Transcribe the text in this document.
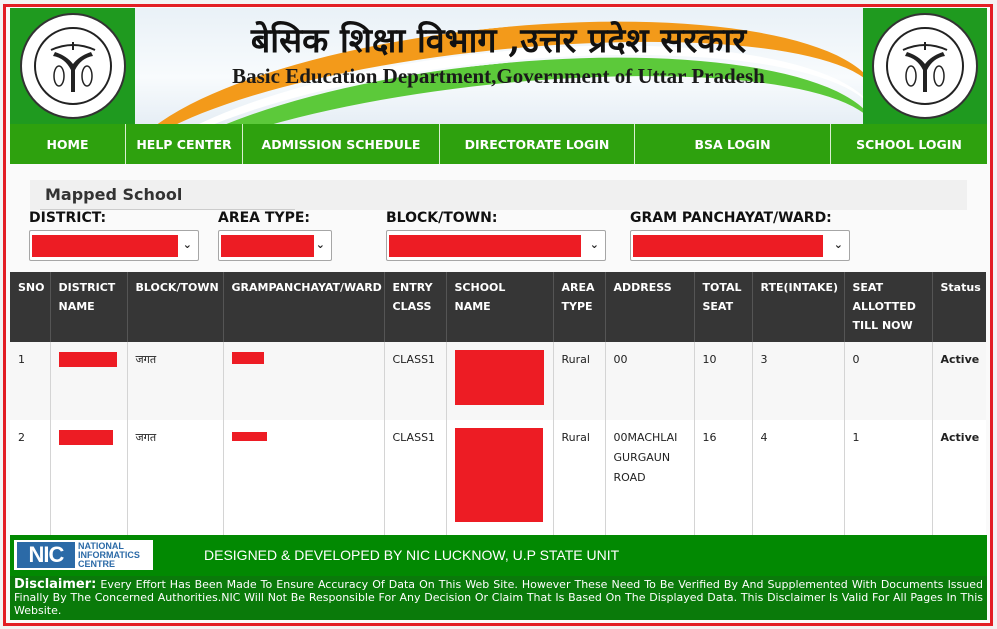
बेसिक शिक्षा विभाग ,उत्तर प्रदेश सरकार
Basic Education Department,Government of Uttar Pradesh
HOME	HELP CENTER	ADMISSION SCHEDULE	DIRECTORATE LOGIN	BSA LOGIN	SCHOOL LOGIN
Mapped School
DISTRICT:
⌄
AREA TYPE:
⌄
BLOCK/TOWN:
⌄
GRAM PANCHAYAT/WARD:
⌄
SNO	DISTRICT NAME	BLOCK/TOWN	GRAMPANCHAYAT/WARD	ENTRY CLASS	SCHOOL NAME	AREA TYPE	ADDRESS	TOTAL SEAT	RTE(INTAKE)	SEAT ALLOTTED TILL NOW	Status
1		जगत		CLASS1		Rural	00	10	3	0	Active
2		जगत		CLASS1		Rural	00MACHLAI GURGAUN ROAD	16	4	1	Active
NIC	NATIONAL
INFORMATICS
CENTRE
DESIGNED & DEVELOPED BY NIC LUCKNOW, U.P STATE UNIT
Disclaimer: Every Effort Has Been Made To Ensure Accuracy Of Data On This Web Site. However These Need To Be Verified By And Supplemented With Documents Issued Finally By The Concerned Authorities.NIC Will Not Be Responsible For Any Decision Or Claim That Is Based On The Displayed Data. This Disclaimer Is Valid For All Pages In This Website.
